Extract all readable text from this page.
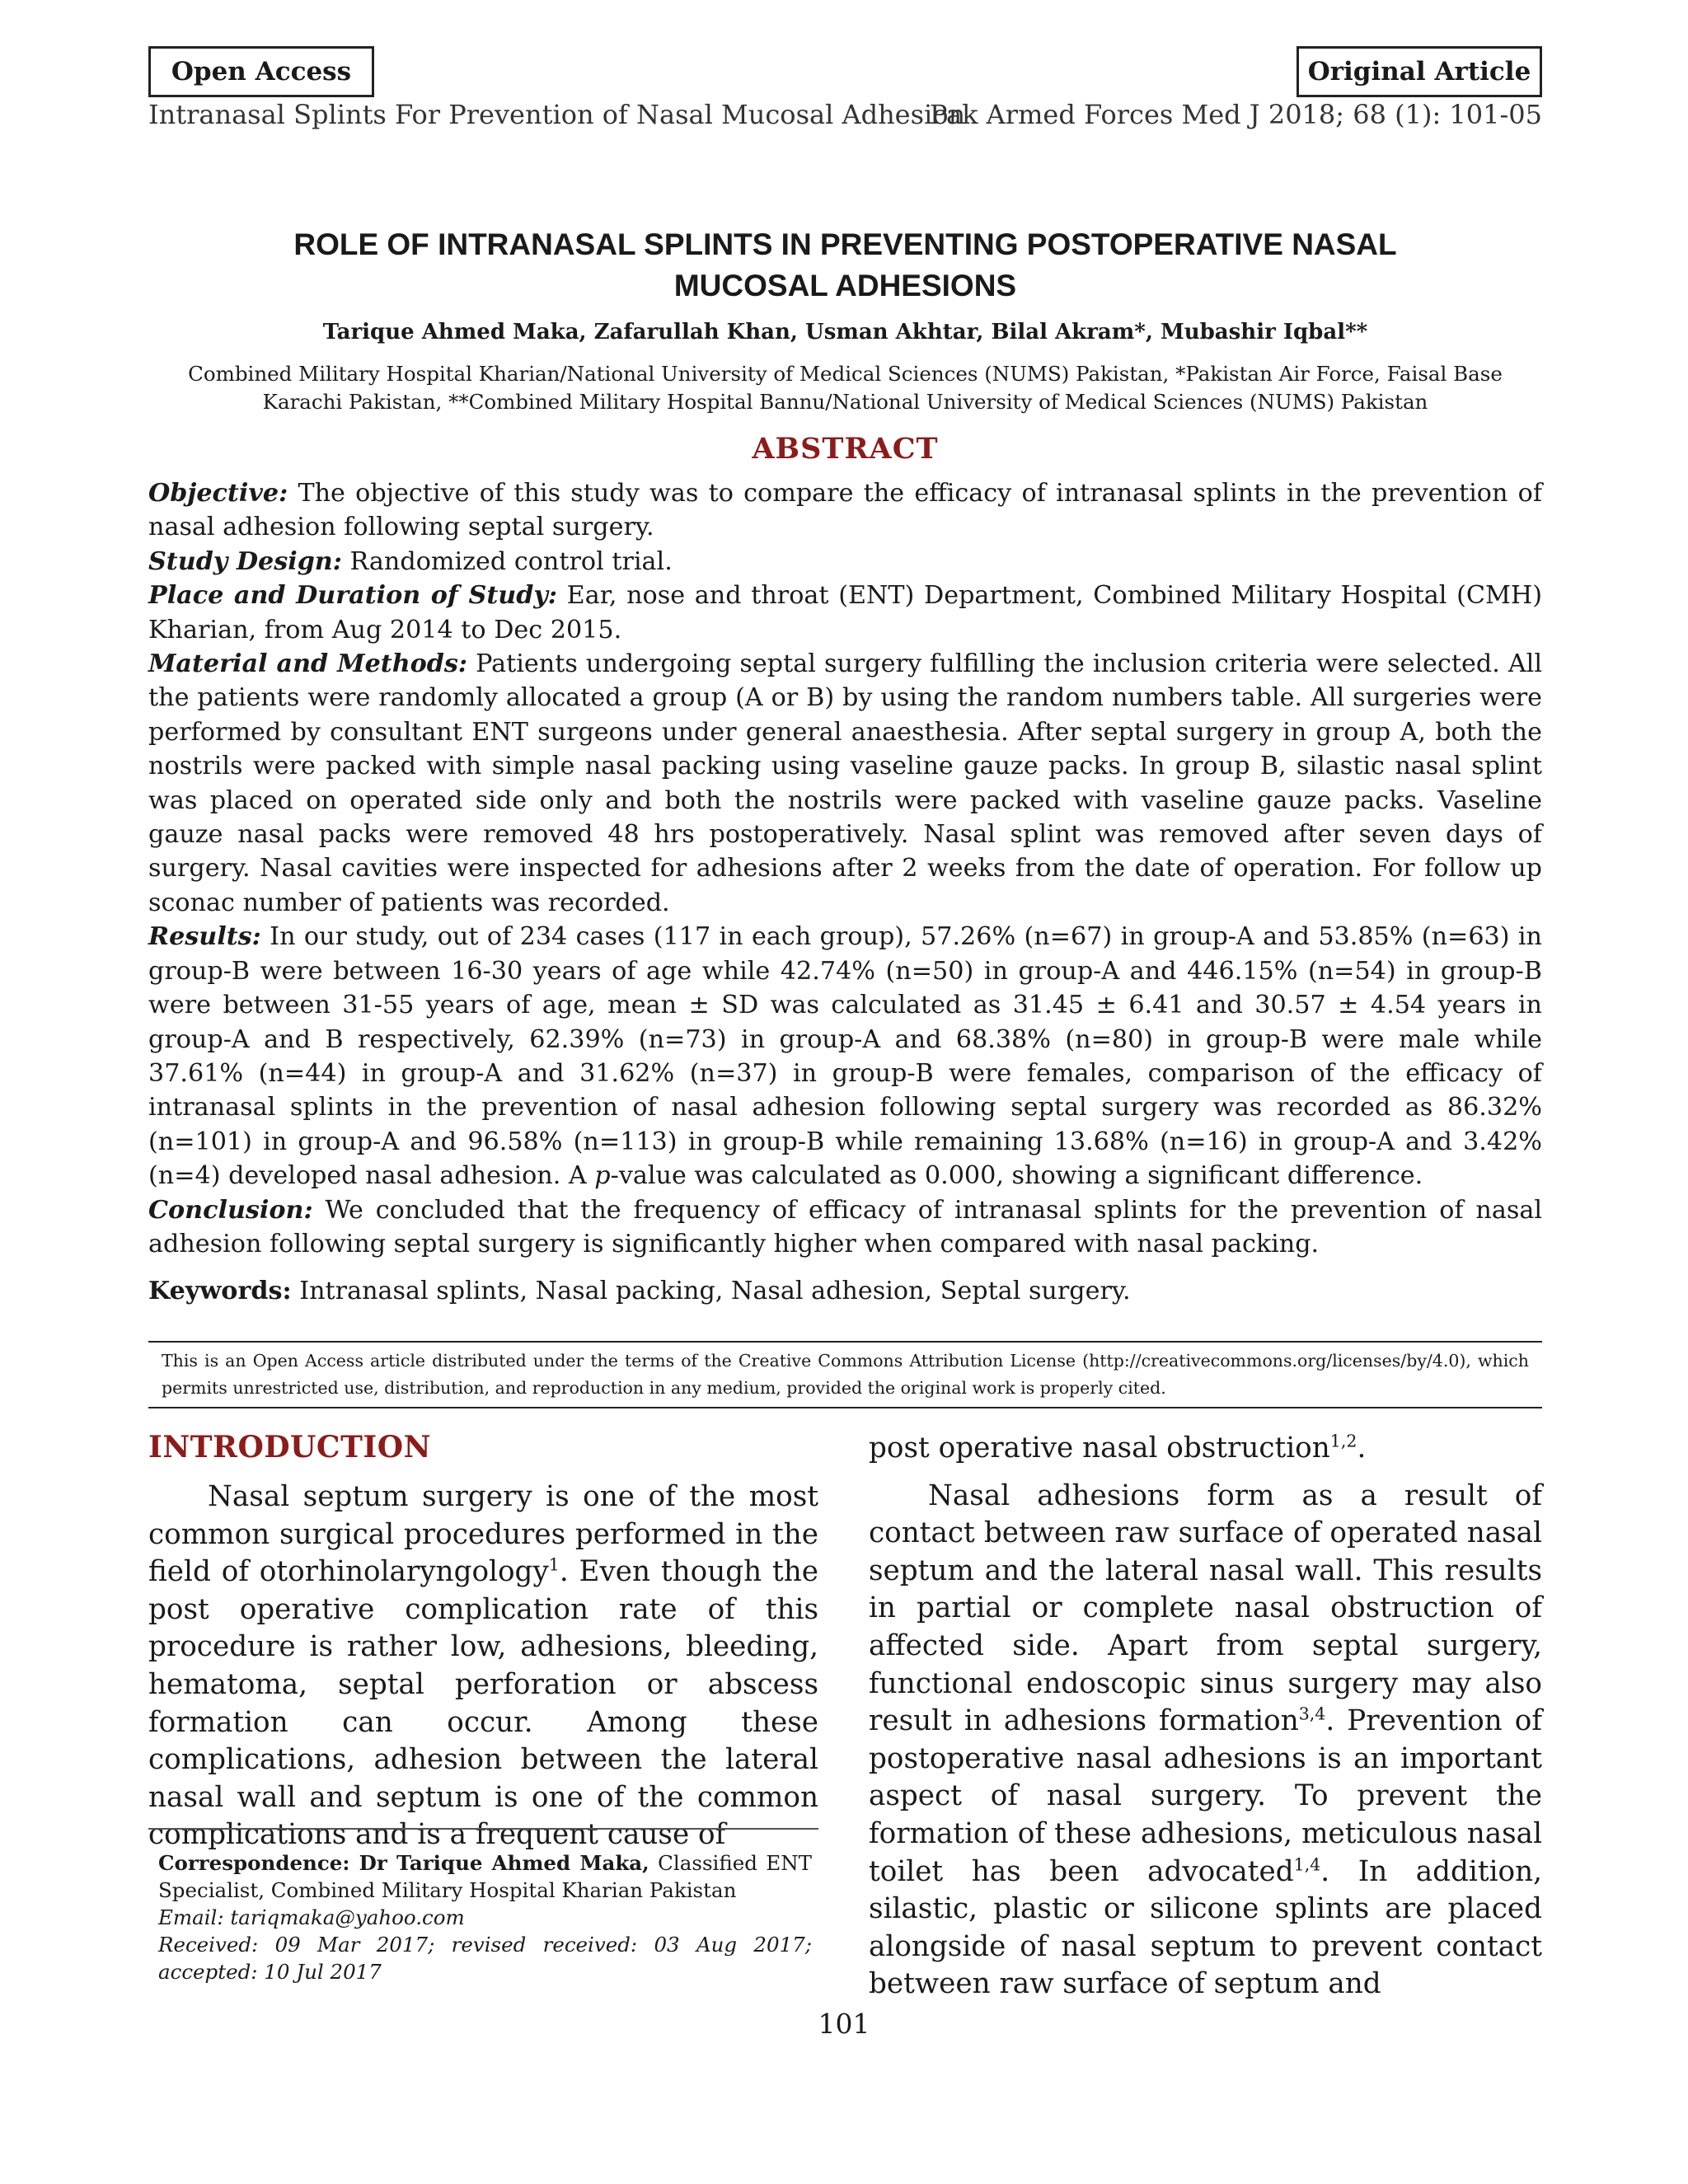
Open Access	Original Article
Intranasal Splints For Prevention of Nasal Mucosal Adhesion
Pak Armed Forces Med J 2018; 68 (1): 101-05
ROLE OF INTRANASAL SPLINTS IN PREVENTING POSTOPERATIVE NASAL
MUCOSAL ADHESIONS
Tarique Ahmed Maka, Zafarullah Khan, Usman Akhtar, Bilal Akram*, Mubashir Iqbal**
Combined Military Hospital Kharian/National University of Medical Sciences (NUMS) Pakistan, *Pakistan Air Force, Faisal Base Karachi Pakistan, **Combined Military Hospital Bannu/National University of Medical Sciences (NUMS) Pakistan
ABSTRACT

Objective: The objective of this study was to compare the efficacy of intranasal splints in the prevention of nasal adhesion following septal surgery.

Study Design: Randomized control trial.

Place and Duration of Study: Ear, nose and throat (ENT) Department, Combined Military Hospital (CMH) Kharian, from Aug 2014 to Dec 2015.

Material and Methods: Patients undergoing septal surgery fulfilling the inclusion criteria were selected. All the patients were randomly allocated a group (A or B) by using the random numbers table. All surgeries were performed by consultant ENT surgeons under general anaesthesia. After septal surgery in group A, both the nostrils were packed with simple nasal packing using vaseline gauze packs. In group B, silastic nasal splint was placed on operated side only and both the nostrils were packed with vaseline gauze packs. Vaseline gauze nasal packs were removed 48 hrs postoperatively. Nasal splint was removed after seven days of surgery. Nasal cavities were inspected for adhesions after 2 weeks from the date of operation. For follow up sconac number of patients was recorded.

Results: In our study, out of 234 cases (117 in each group), 57.26% (n=67) in group-A and 53.85% (n=63) in group-B were between 16-30 years of age while 42.74% (n=50) in group-A and 446.15% (n=54) in group-B were between 31-55 years of age, mean ± SD was calculated as 31.45 ± 6.41 and 30.57 ± 4.54 years in group-A and B respectively, 62.39% (n=73) in group-A and 68.38% (n=80) in group-B were male while 37.61% (n=44) in group-A and 31.62% (n=37) in group-B were females, comparison of the efficacy of intranasal splints in the prevention of nasal adhesion following septal surgery was recorded as 86.32% (n=101) in group-A and 96.58% (n=113) in group-B while remaining 13.68% (n=16) in group-A and 3.42% (n=4) developed nasal adhesion. A p-value was calculated as 0.000, showing a significant difference.

Conclusion: We concluded that the frequency of efficacy of intranasal splints for the prevention of nasal adhesion following septal surgery is significantly higher when compared with nasal packing.

Keywords: Intranasal splints, Nasal packing, Nasal adhesion, Septal surgery.
This is an Open Access article distributed under the terms of the Creative Commons Attribution License (http://creativecommons.org/licenses/by/4.0), which permits unrestricted use, distribution, and reproduction in any medium, provided the original work is properly cited.
INTRODUCTION

Nasal septum surgery is one of the most common surgical procedures performed in the field of otorhinolaryngology$^1$. Even though the post operative complication rate of this procedure is rather low, adhesions, bleeding, hematoma, septal perforation or abscess formation can occur. Among these complications, adhesion between the lateral nasal wall and septum is one of the common complications and is a frequent cause of

Correspondence: Dr Tarique Ahmed Maka, Classified ENT Specialist, Combined Military Hospital Kharian Pakistan

Email: tariqmaka@yahoo.com

Received: 09 Mar 2017; revised received: 03 Aug 2017; accepted: 10 Jul 2017

post operative nasal obstruction$^{1,2}$.

Nasal adhesions form as a result of contact between raw surface of operated nasal septum and the lateral nasal wall. This results in partial or complete nasal obstruction of affected side. Apart from septal surgery, functional endoscopic sinus surgery may also result in adhesions formation$^{3,4}$. Prevention of postoperative nasal adhesions is an important aspect of nasal surgery. To prevent the formation of these adhesions, meticulous nasal toilet has been advocated$^{1,4}$. In addition, silastic, plastic or silicone splints are placed alongside of nasal septum to prevent contact between raw surface of septum and

101
